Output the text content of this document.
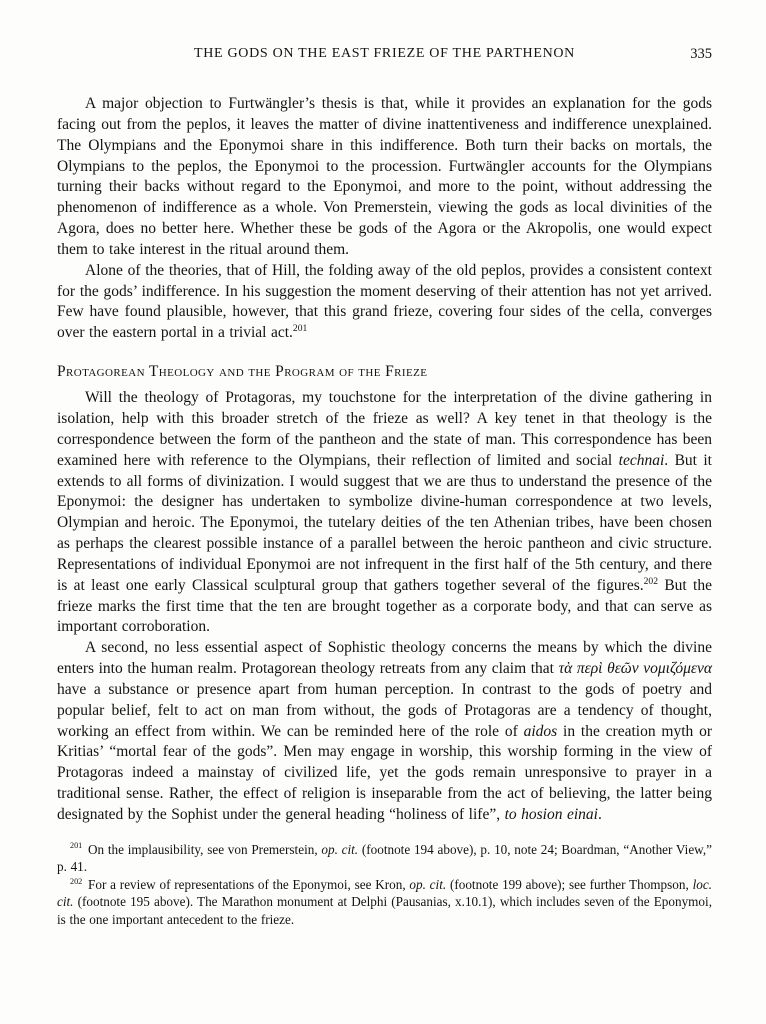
THE GODS ON THE EAST FRIEZE OF THE PARTHENON	335

A major objection to Furtwängler’s thesis is that, while it provides an explanation for the gods facing out from the peplos, it leaves the matter of divine inattentiveness and indifference unexplained. The Olympians and the Eponymoi share in this indifference. Both turn their backs on mortals, the Olympians to the peplos, the Eponymoi to the procession. Furtwängler accounts for the Olympians turning their backs without regard to the Eponymoi, and more to the point, without addressing the phenomenon of indifference as a whole. Von Premerstein, viewing the gods as local divinities of the Agora, does no better here. Whether these be gods of the Agora or the Akropolis, one would expect them to take interest in the ritual around them.

Alone of the theories, that of Hill, the folding away of the old peplos, provides a consistent context for the gods’ indifference. In his suggestion the moment deserving of their attention has not yet arrived. Few have found plausible, however, that this grand frieze, covering four sides of the cella, converges over the eastern portal in a trivial act.$^{201}$

Protagorean Theology and the Program of the Frieze

Will the theology of Protagoras, my touchstone for the interpretation of the divine gathering in isolation, help with this broader stretch of the frieze as well? A key tenet in that theology is the correspondence between the form of the pantheon and the state of man. This correspondence has been examined here with reference to the Olympians, their reflection of limited and social technai. But it extends to all forms of divinization. I would suggest that we are thus to understand the presence of the Eponymoi: the designer has undertaken to symbolize divine-human correspondence at two levels, Olympian and heroic. The Eponymoi, the tutelary deities of the ten Athenian tribes, have been chosen as perhaps the clearest possible instance of a parallel between the heroic pantheon and civic structure. Representations of individual Eponymoi are not infrequent in the first half of the 5th century, and there is at least one early Classical sculptural group that gathers together several of the figures.$^{202}$ But the frieze marks the first time that the ten are brought together as a corporate body, and that can serve as important corroboration.

A second, no less essential aspect of Sophistic theology concerns the means by which the divine enters into the human realm. Protagorean theology retreats from any claim that τὰ περὶ θεῶν νομιζόμενα have a substance or presence apart from human perception. In contrast to the gods of poetry and popular belief, felt to act on man from without, the gods of Protagoras are a tendency of thought, working an effect from within. We can be reminded here of the role of aidos in the creation myth or Kritias’ “mortal fear of the gods”. Men may engage in worship, this worship forming in the view of Protagoras indeed a mainstay of civilized life, yet the gods remain unresponsive to prayer in a traditional sense. Rather, the effect of religion is inseparable from the act of believing, the latter being designated by the Sophist under the general heading “holiness of life”, to hosion einai.

$^{201}$ On the implausibility, see von Premerstein, op. cit. (footnote 194 above), p. 10, note 24; Boardman, “Another View,” p. 41.

$^{202}$ For a review of representations of the Eponymoi, see Kron, op. cit. (footnote 199 above); see further Thompson, loc. cit. (footnote 195 above). The Marathon monument at Delphi (Pausanias, x.10.1), which includes seven of the Eponymoi, is the one important antecedent to the frieze.
